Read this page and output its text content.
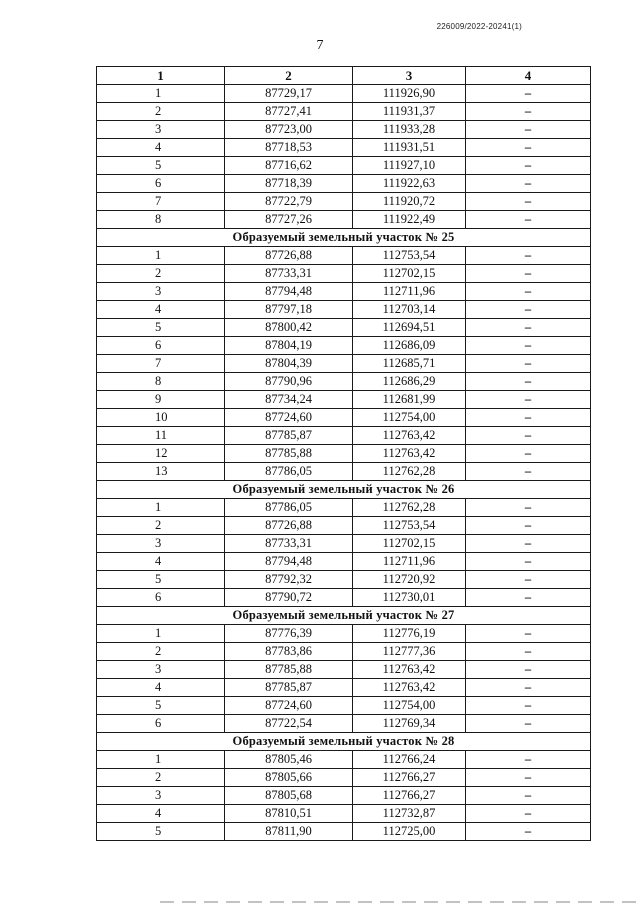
226009/2022-20241(1)
7
1	2	3	4
1	87729,17	111926,90	–
2	87727,41	111931,37	–
3	87723,00	111933,28	–
4	87718,53	111931,51	–
5	87716,62	111927,10	–
6	87718,39	111922,63	–
7	87722,79	111920,72	–
8	87727,26	111922,49	–
Образуемый земельный участок № 25			
1	87726,88	112753,54	–
2	87733,31	112702,15	–
3	87794,48	112711,96	–
4	87797,18	112703,14	–
5	87800,42	112694,51	–
6	87804,19	112686,09	–
7	87804,39	112685,71	–
8	87790,96	112686,29	–
9	87734,24	112681,99	–
10	87724,60	112754,00	–
11	87785,87	112763,42	–
12	87785,88	112763,42	–
13	87786,05	112762,28	–
Образуемый земельный участок № 26			
1	87786,05	112762,28	–
2	87726,88	112753,54	–
3	87733,31	112702,15	–
4	87794,48	112711,96	–
5	87792,32	112720,92	–
6	87790,72	112730,01	–
Образуемый земельный участок № 27			
1	87776,39	112776,19	–
2	87783,86	112777,36	–
3	87785,88	112763,42	–
4	87785,87	112763,42	–
5	87724,60	112754,00	–
6	87722,54	112769,34	–
Образуемый земельный участок № 28			
1	87805,46	112766,24	–
2	87805,66	112766,27	–
3	87805,68	112766,27	–
4	87810,51	112732,87	–
5	87811,90	112725,00	–
